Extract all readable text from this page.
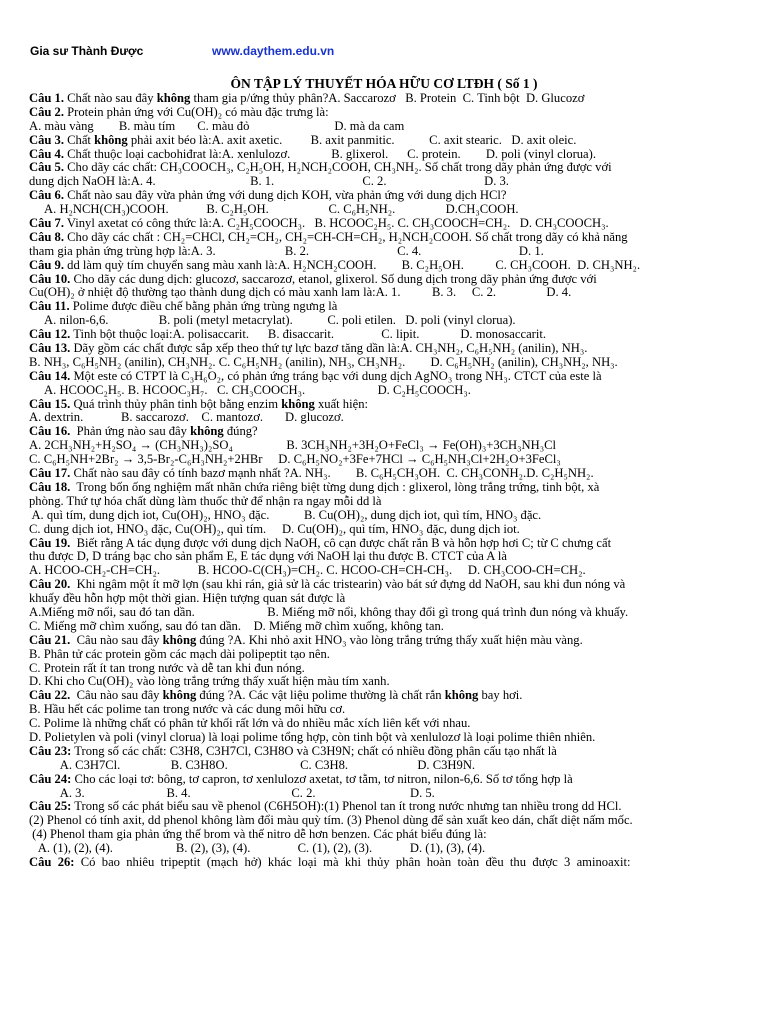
Gia sư Thành Được	www.daythem.edu.vn
ÔN TẬP LÝ THUYẾT HÓA HỮU CƠ LTĐH ( Số 1 )
Câu 1. Chất nào sau đây không tham gia p/ứng thủy phân?A. Saccarozơ   B. Protein  C. Tinh bột  D. Glucozơ
Câu 2. Protein phản ứng với Cu(OH)₂ có màu đặc trưng là:
A. màu vàng        B. màu tím       C. màu đỏ                           D. mà da cam
Câu 3. Chất không phải axit béo là:A. axit axetic.         B. axit panmitic.           C. axit stearic.   D. axit oleic.
Câu 4. Chất thuộc loại cacbohiđrat là:A. xenlulozơ.             B. glixerol.      C. protein.        D. poli (vinyl clorua).
Câu 5. Cho dãy các chất: CH₃COOCH₃, C₂H₅OH, H₂NCH₂COOH, CH₃NH₂. Số chất trong dãy phản ứng được với
dung dịch NaOH là:A. 4.                              B. 1.                            C. 2.                               D. 3.
Câu 6. Chất nào sau đây vừa phản ứng với dung dịch KOH, vừa phản ứng với dung dịch HCl?
A. H₂NCH(CH₃)COOH.            B. C₂H₅OH.                   C. C₆H₅NH₂.                D.CH₃COOH.
Câu 7. Vinyl axetat có công thức là:A. C₂H₅COOCH₃.   B. HCOOC₂H₅. C. CH₃COOCH=CH₂.   D. CH₃COOCH₃.
Câu 8. Cho dãy các chất : CH₂=CHCl, CH₂=CH₂, CH₂=CH-CH=CH₂, H₂NCH₂COOH. Số chất trong dãy có khả năng
tham gia phản ứng trùng hợp là:A. 3.                      B. 2.                            C. 4.                               D. 1.
Câu 9. dd làm quỳ tím chuyển sang màu xanh là:A. H₂NCH₂COOH.        B. C₂H₅OH.          C. CH₃COOH.  D. CH₃NH₂.
Câu 10. Cho dãy các dung dịch: glucozơ, saccarozơ, etanol, glixerol. Số dung dịch trong dãy phản ứng được với
Cu(OH)₂ ở nhiệt độ thường tạo thành dung dịch có màu xanh lam là:A. 1.          B. 3.     C. 2.                D. 4.
Câu 11. Polime được điều chế bằng phản ứng trùng ngưng là
A. nilon-6,6.                B. poli (metyl metacrylat).           C. poli etilen.   D. poli (vinyl clorua).
Câu 12. Tinh bột thuộc loại:A. polisaccarit.      B. đisaccarit.               C. lipit.             D. monosaccarit.
Câu 13. Dãy gồm các chất được sắp xếp theo thứ tự lực bazơ tăng dần là:A. CH₃NH₂, C₆H₅NH₂ (anilin), NH₃.
B. NH₃, C₆H₅NH₂ (anilin), CH₃NH₂. C. C₆H₅NH₂ (anilin), NH₃, CH₃NH₂.        D. C₆H₅NH₂ (anilin), CH₃NH₂, NH₃.
Câu 14. Một este có CTPT là C₃H₆O₂, có phản ứng tráng bạc với dung dịch AgNO₃ trong NH₃. CTCT của este là
A. HCOOC₂H₅. B. HCOOC₃H₇.   C. CH₃COOCH₃.                       D. C₂H₅COOCH₃.
Câu 15. Quá trình thủy phân tinh bột bằng enzim không xuất hiện:
A. dextrin.            B. saccarozơ.    C. mantozơ.       D. glucozơ.
Câu 16.  Phản ứng nào sau đây không đúng?
A. 2CH₃NH₂+H₂SO₄ → (CH₃NH₃)₂SO₄                 B. 3CH₃NH₂+3H₂O+FeCl₃ → Fe(OH)₃+3CH₃NH₃Cl
C. C₆H₅NH+2Br₂ → 3,5-Br₂-C₆H₃NH₂+2HBr     D. C₆H₅NO₂+3Fe+7HCl → C₆H₅NH₃Cl+2H₂O+3FeCl₃
Câu 17. Chất nào sau đây có tính bazơ mạnh nhất ?A. NH₃.        B. C₆H₅CH₃OH.  C. CH₃CONH₂.D. C₂H₅NH₂.
Câu 18.  Trong bốn ống nghiệm mất nhãn chứa riêng biệt từng dung dịch : glixerol, lòng trắng trứng, tinh bột, xà
phòng. Thứ tự hóa chất dùng làm thuốc thử để nhận ra ngay mỗi dd là
A. quì tím, dung dịch iot, Cu(OH)₂, HNO₃ đặc.           B. Cu(OH)₂, dung dịch iot, quì tím, HNO₃ đặc.
C. dung dịch iot, HNO₃ đặc, Cu(OH)₂, quì tím.     D. Cu(OH)₂, quì tím, HNO₃ đặc, dung dịch iot.
Câu 19.  Biết rằng A tác dụng được với dung dịch NaOH, cô cạn được chất rắn B và hỗn hợp hơi C; từ C chưng cất
thu được D, D tráng bạc cho sản phẩm E, E tác dụng với NaOH lại thu được B. CTCT của A là
A. HCOO-CH₂-CH=CH₂.            B. HCOO-C(CH₃)=CH₂. C. HCOO-CH=CH-CH₃.     D. CH₃COO-CH=CH₂.
Câu 20.  Khi ngâm một ít mỡ lợn (sau khi rán, giả sử là các tristearin) vào bát sứ đựng dd NaOH, sau khi đun nóng và
khuấy đều hỗn hợp một thời gian. Hiện tượng quan sát được là
A.Miếng mỡ nổi, sau đó tan dần.                       B. Miếng mỡ nổi, không thay đổi gì trong quá trình đun nóng và khuấy.
C. Miếng mỡ chìm xuống, sau đó tan dần.    D. Miếng mỡ chìm xuống, không tan.
Câu 21.  Câu nào sau đây không đúng ?A. Khi nhỏ axit HNO₃ vào lòng trắng trứng thấy xuất hiện màu vàng.
B. Phân tử các protein gồm các mạch dài polipeptit tạo nên.
C. Protein rất ít tan trong nước và dễ tan khi đun nóng.
D. Khi cho Cu(OH)₂ vào lòng trắng trứng thấy xuất hiện màu tím xanh.
Câu 22.  Câu nào sau đây không đúng ?A. Các vật liệu polime thường là chất rắn không bay hơi.
B. Hầu hết các polime tan trong nước và các dung môi hữu cơ.
C. Polime là những chất có phân tử khối rất lớn và do nhiều mắc xích liên kết với nhau.
D. Polietylen và poli (vinyl clorua) là loại polime tổng hợp, còn tinh bột và xenlulozơ là loại polime thiên nhiên.
Câu 23: Trong số các chất: C3H8, C3H7Cl, C3H8O và C3H9N; chất có nhiều đồng phân cấu tạo nhất là
A. C3H7Cl.                B. C3H8O.                       C. C3H8.                      D. C3H9N.
Câu 24: Cho các loại tơ: bông, tơ capron, tơ xenlulozơ axetat, tơ tằm, tơ nitron, nilon-6,6. Số tơ tổng hợp là
A. 3.                          B. 4.                                C. 2.                              D. 5.
Câu 25: Trong số các phát biểu sau về phenol (C6H5OH):(1) Phenol tan ít trong nước nhưng tan nhiều trong dd HCl.
(2) Phenol có tính axit, dd phenol không làm đổi màu quỳ tím. (3) Phenol dùng để sản xuất keo dán, chất diệt nấm mốc.
(4) Phenol tham gia phản ứng thế brom và thế nitro dễ hơn benzen. Các phát biểu đúng là:
A. (1), (2), (4).                    B. (2), (3), (4).               C. (1), (2), (3).            D. (1), (3), (4).
Câu  26:  Có  bao  nhiêu  tripeptit  (mạch  hở)  khác  loại  mà  khi  thủy  phân  hoàn  toàn  đều  thu  được  3  aminoaxit:
